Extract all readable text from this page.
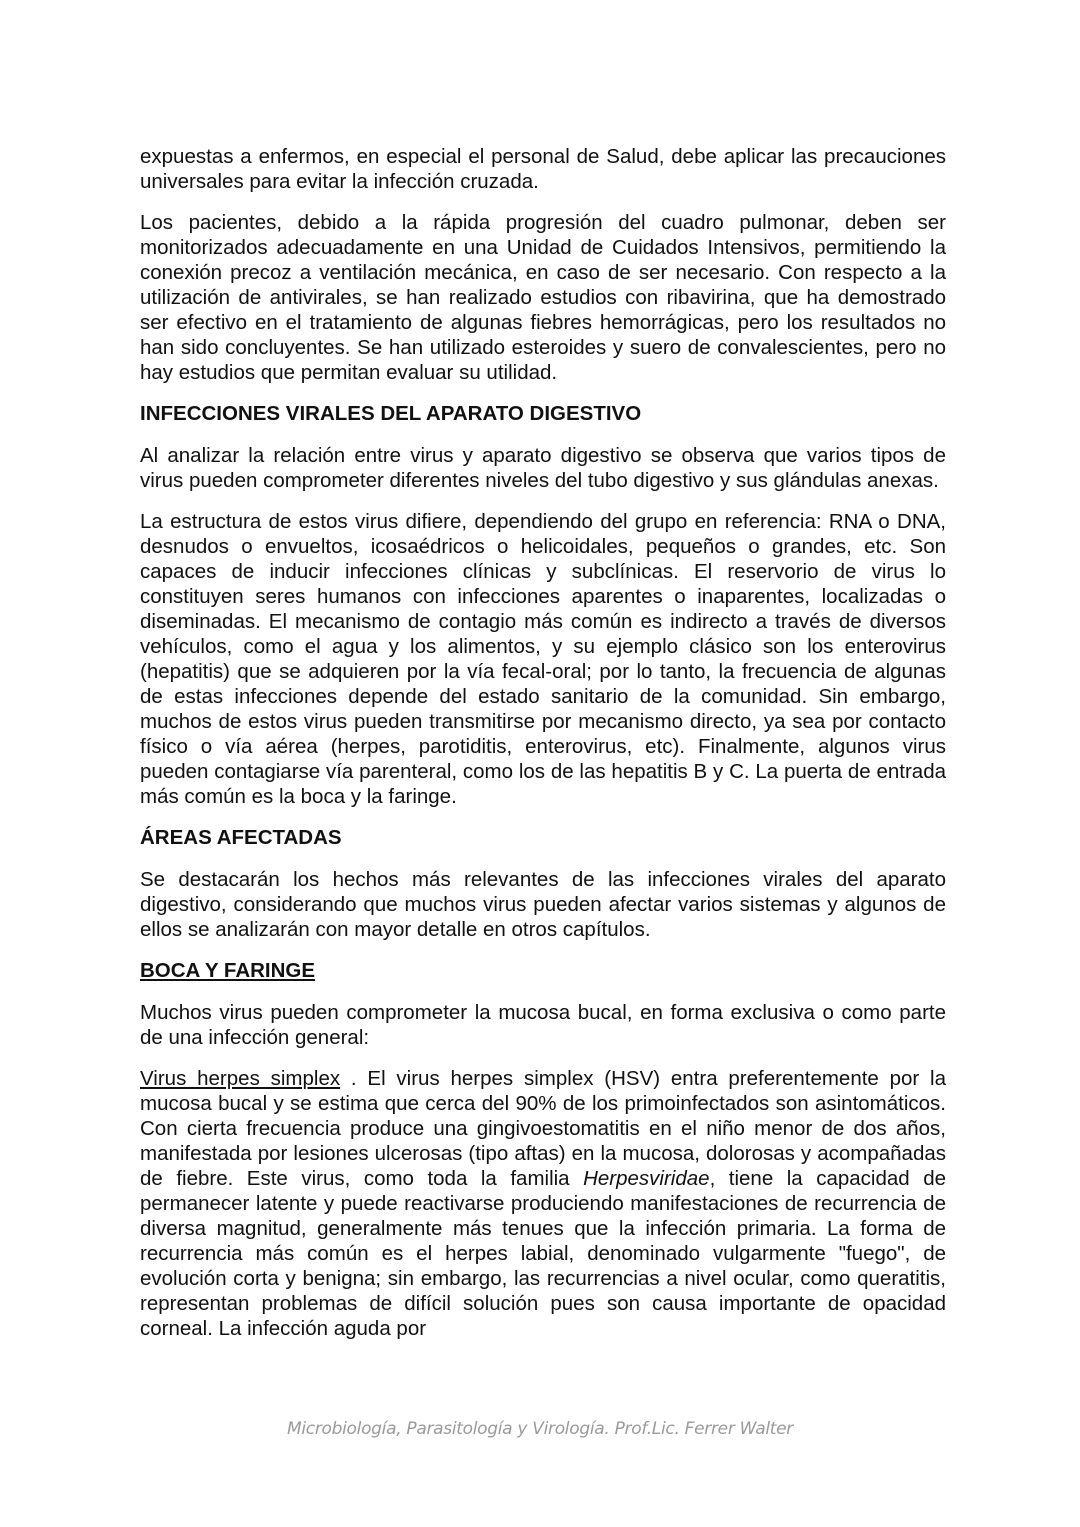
expuestas a enfermos, en especial el personal de Salud, debe aplicar las precauciones universales para evitar la infección cruzada.

Los pacientes, debido a la rápida progresión del cuadro pulmonar, deben ser monitorizados adecuadamente en una Unidad de Cuidados Intensivos, permitiendo la conexión precoz a ventilación mecánica, en caso de ser necesario. Con respecto a la utilización de antivirales, se han realizado estudios con ribavirina, que ha demostrado ser efectivo en el tratamiento de algunas fiebres hemorrágicas, pero los resultados no han sido concluyentes. Se han utilizado esteroides y suero de convalescientes, pero no hay estudios que permitan evaluar su utilidad.

INFECCIONES VIRALES DEL APARATO DIGESTIVO

Al analizar la relación entre virus y aparato digestivo se observa que varios tipos de virus pueden comprometer diferentes niveles del tubo digestivo y sus glándulas anexas.

La estructura de estos virus difiere, dependiendo del grupo en referencia: RNA o DNA, desnudos o envueltos, icosaédricos o helicoidales, pequeños o grandes, etc. Son capaces de inducir infecciones clínicas y subclínicas. El reservorio de virus lo constituyen seres humanos con infecciones aparentes o inaparentes, localizadas o diseminadas. El mecanismo de contagio más común es indirecto a través de diversos vehículos, como el agua y los alimentos, y su ejemplo clásico son los enterovirus (hepatitis) que se adquieren por la vía fecal-oral; por lo tanto, la frecuencia de algunas de estas infecciones depende del estado sanitario de la comunidad. Sin embargo, muchos de estos virus pueden transmitirse por mecanismo directo, ya sea por contacto físico o vía aérea (herpes, parotiditis, enterovirus, etc). Finalmente, algunos virus pueden contagiarse vía parenteral, como los de las hepatitis B y C. La puerta de entrada más común es la boca y la faringe.

ÁREAS AFECTADAS

Se destacarán los hechos más relevantes de las infecciones virales del aparato digestivo, considerando que muchos virus pueden afectar varios sistemas y algunos de ellos se analizarán con mayor detalle en otros capítulos.

BOCA Y FARINGE

Muchos virus pueden comprometer la mucosa bucal, en forma exclusiva o como parte de una infección general:

Virus herpes simplex . El virus herpes simplex (HSV) entra preferentemente por la mucosa bucal y se estima que cerca del 90% de los primoinfectados son asintomáticos. Con cierta frecuencia produce una gingivoestomatitis en el niño menor de dos años, manifestada por lesiones ulcerosas (tipo aftas) en la mucosa, dolorosas y acompañadas de fiebre. Este virus, como toda la familia Herpesviridae, tiene la capacidad de permanecer latente y puede reactivarse produciendo manifestaciones de recurrencia de diversa magnitud, generalmente más tenues que la infección primaria. La forma de recurrencia más común es el herpes labial, denominado vulgarmente "fuego", de evolución corta y benigna; sin embargo, las recurrencias a nivel ocular, como queratitis, representan problemas de difícil solución pues son causa importante de opacidad corneal. La infección aguda por

Microbiología, Parasitología y Virología. Prof.Lic. Ferrer Walter
